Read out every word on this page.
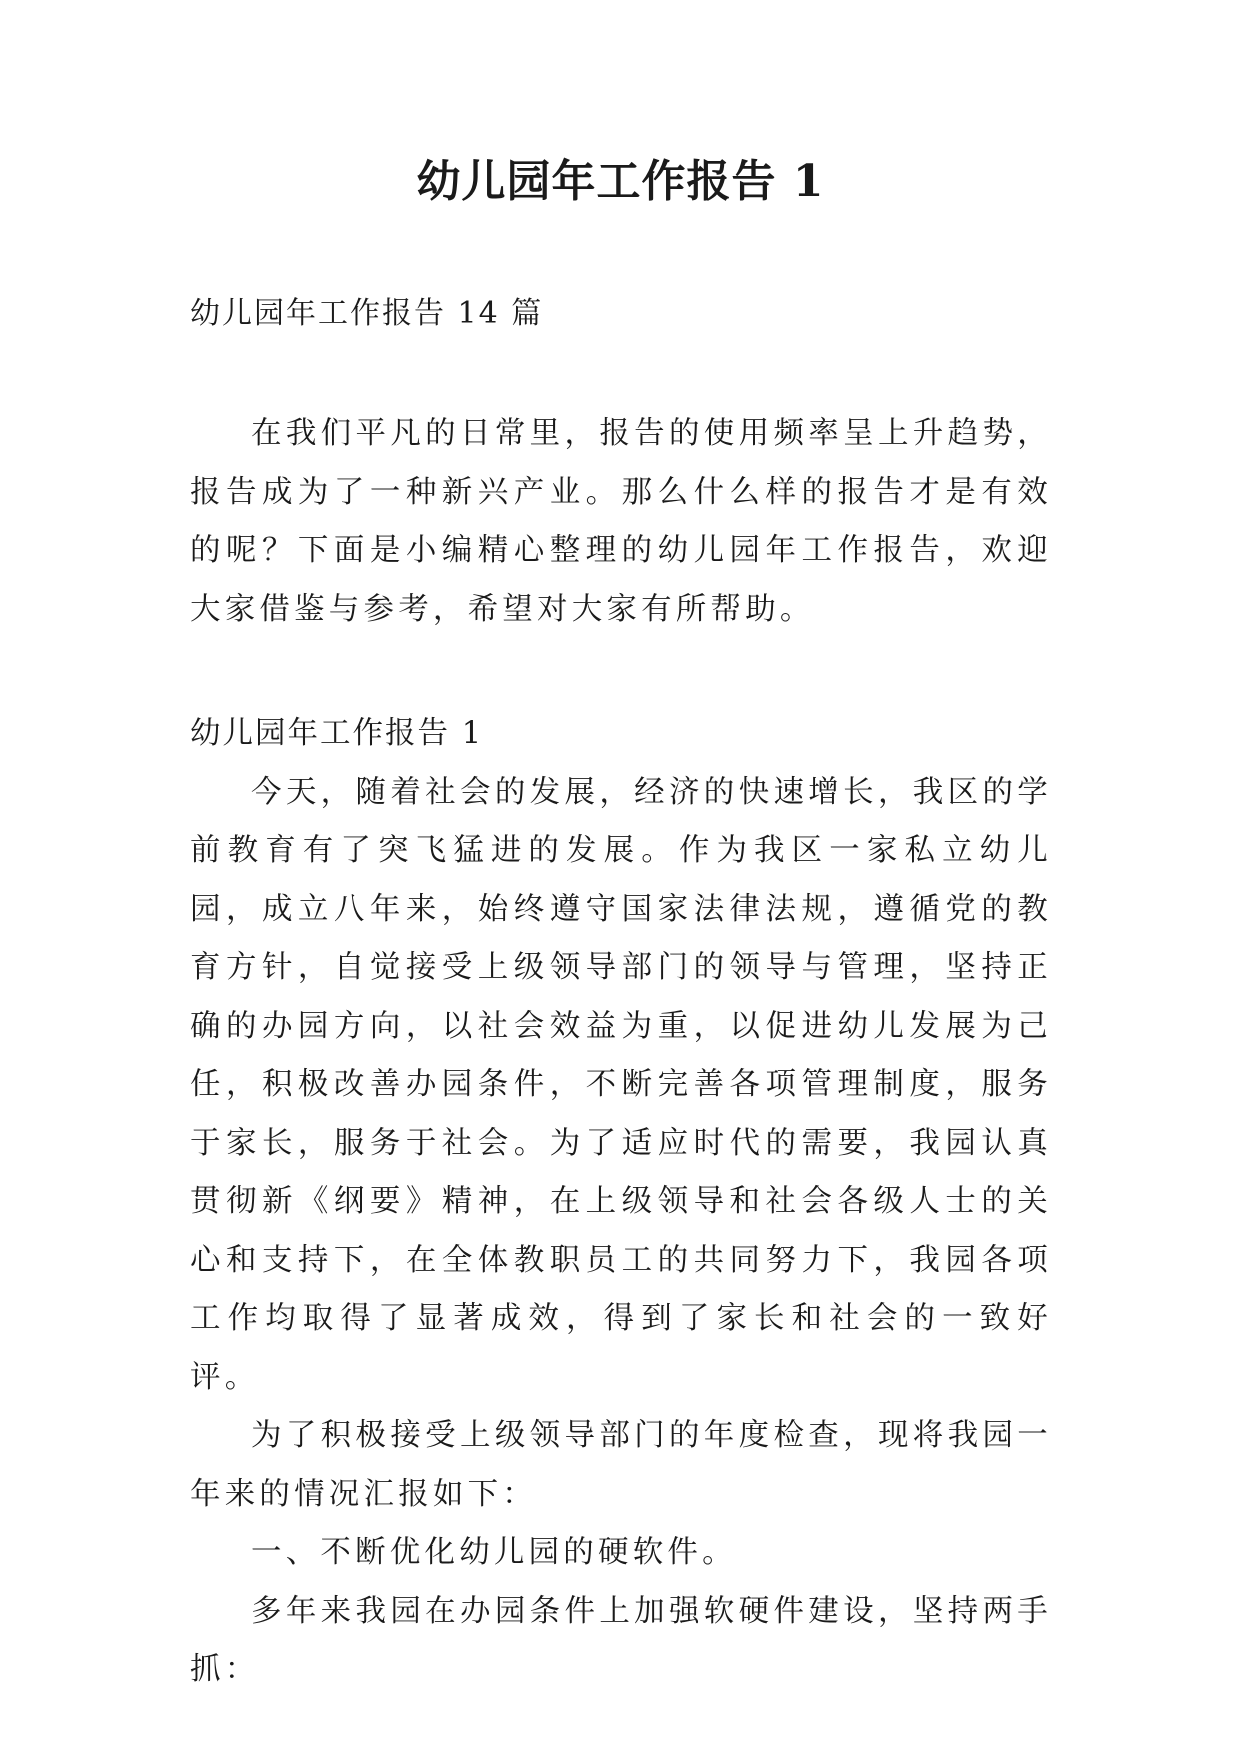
幼儿园年工作报告 1
幼儿园年工作报告 14 篇

在我们平凡的日常里，报告的使用频率呈上升趋势，报告成为了一种新兴产业。那么什么样的报告才是有效的呢？下面是小编精心整理的幼儿园年工作报告，欢迎大家借鉴与参考，希望对大家有所帮助。

幼儿园年工作报告 1

今天，随着社会的发展，经济的快速增长，我区的学前教育有了突飞猛进的发展。作为我区一家私立幼儿园，成立八年来，始终遵守国家法律法规，遵循党的教育方针，自觉接受上级领导部门的领导与管理，坚持正确的办园方向，以社会效益为重，以促进幼儿发展为己任，积极改善办园条件，不断完善各项管理制度，服务于家长，服务于社会。为了适应时代的需要，我园认真贯彻新《纲要》精神，在上级领导和社会各级人士的关心和支持下，在全体教职员工的共同努力下，我园各项工作均取得了显著成效，得到了家长和社会的一致好评。

为了积极接受上级领导部门的年度检查，现将我园一年来的情况汇报如下：

一、不断优化幼儿园的硬软件。

多年来我园在办园条件上加强软硬件建设，坚持两手抓：
